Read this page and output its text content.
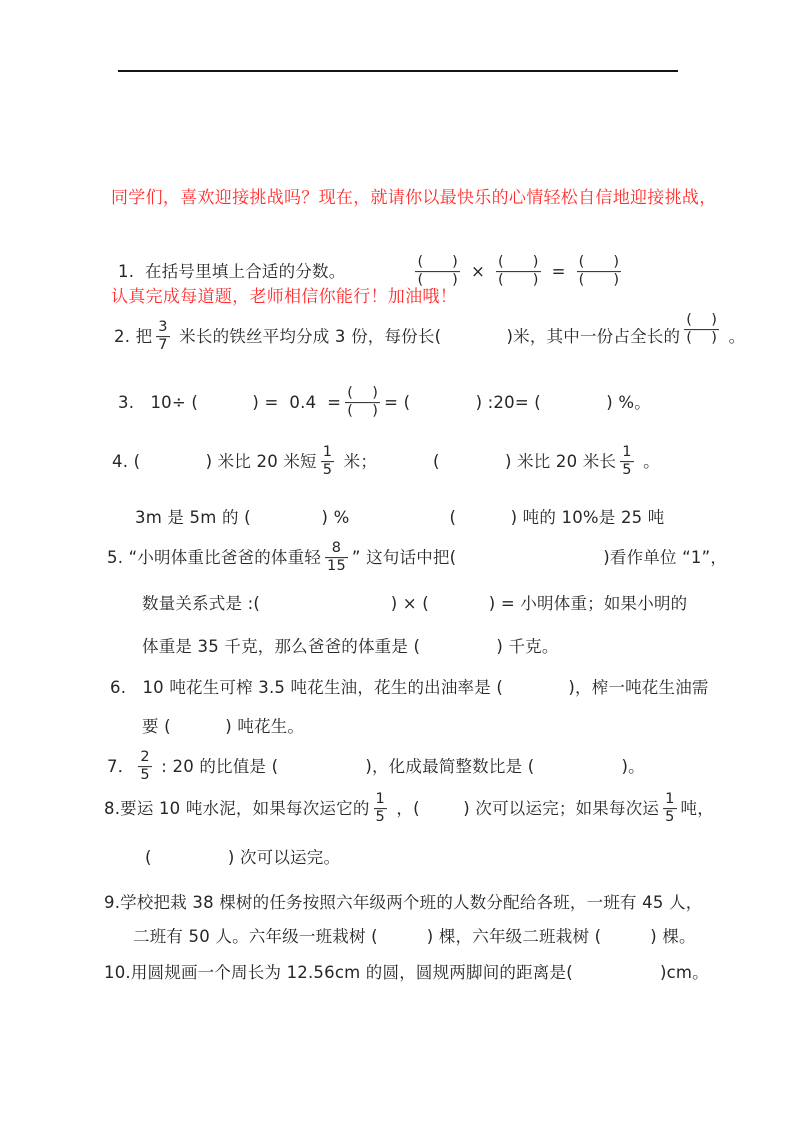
同学们，喜欢迎接挑战吗？现在，就请你以最快乐的心情轻松自信地迎接挑战，

认真完成每道题，老师相信你能行！加油哦！

1.  在括号里填上合适的分数。	$\frac{( )}{( )} \times \frac{( )}{( )} = \frac{( )}{( )}$
2. 把 $\frac{3}{7}$ 米长的铁丝平均分成 3 份，每份长(            )米，其中一份占全长的 $\frac{( )}{( )}$ 。
3.   10÷ (          ) =  $0.4 = \frac{( )}{( )}$ = (            ) :20= (            ) %。
4. (            ) 米比 20 米短 $\frac{1}{5}$ 米；	(            ) 米比 20 米长 $\frac{1}{5}$ 。
3m 是 5m 的 (             ) %	(          ) 吨的 10%是 25 吨
5. “小明体重比爸爸的体重轻 $\frac{8}{15}$ ” 这句话中把(                           )看作单位 “1”，
数量关系式是 :(                        ) × (           ) = 小明体重；如果小明的
体重是 35 千克，那么爸爸的体重是 (              ) 千克。
6.   10 吨花生可榨 3.5 吨花生油，花生的出油率是 (            )，榨一吨花生油需
要 (          ) 吨花生。
7． $\frac{2}{5}$ : 20 的比值是 (                )，化成最简整数比是 (                )。
8.要运 10 吨水泥，如果每次运它的 $\frac{1}{5}$ ，(        ) 次可以运完；如果每次运 $\frac{1}{5}$ 吨，
(              ) 次可以运完。
9.学校把栽 38 棵树的任务按照六年级两个班的人数分配给各班，一班有 45 人，
二班有 50 人。六年级一班栽树 (         ) 棵，六年级二班栽树 (         ) 棵。
10.用圆规画一个周长为 12.56cm 的圆，圆规两脚间的距离是(                )cm。
